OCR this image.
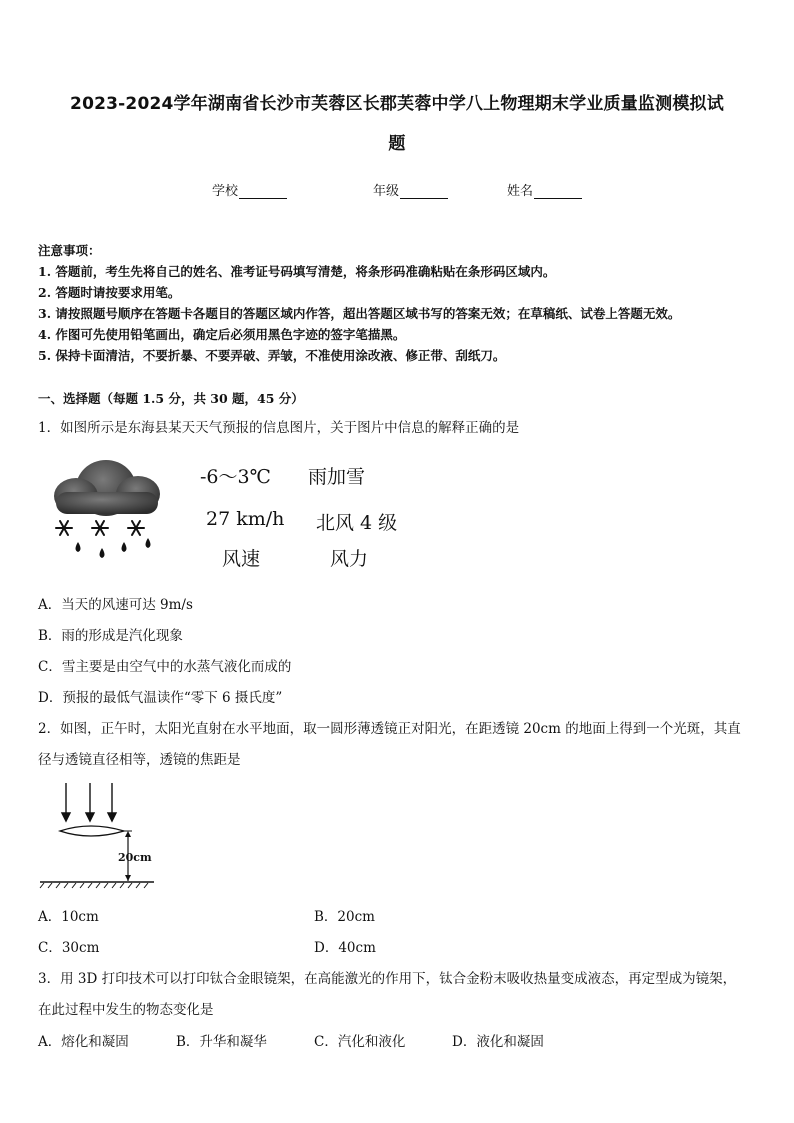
2023-2024学年湖南省长沙市芙蓉区长郡芙蓉中学八上物理期末学业质量监测模拟试
题
学校	年级	姓名
注意事项：
1. 答题前，考生先将自己的姓名、准考证号码填写清楚，将条形码准确粘贴在条形码区域内。
2. 答题时请按要求用笔。
3. 请按照题号顺序在答题卡各题目的答题区域内作答，超出答题区域书写的答案无效；在草稿纸、试卷上答题无效。
4. 作图可先使用铅笔画出，确定后必须用黑色字迹的签字笔描黑。
5. 保持卡面清洁，不要折暴、不要弄破、弄皱，不准使用涂改液、修正带、刮纸刀。
一、选择题（每题 1.5 分，共 30 题，45 分）
1．如图所示是东海县某天天气预报的信息图片，关于图片中信息的解释正确的是
-6～3℃ 雨加雪
27 km/h 北风 4 级
风速	风力
A．当天的风速可达 9m/s
B．雨的形成是汽化现象
C．雪主要是由空气中的水蒸气液化而成的
D．预报的最低气温读作“零下 6 摄氏度”
2．如图，正午时，太阳光直射在水平地面，取一圆形薄透镜正对阳光，在距透镜 20cm 的地面上得到一个光斑，其直
径与透镜直径相等，透镜的焦距是
20cm
A．10cm	B．20cm
C．30cm	D．40cm
3．用 3D 打印技术可以打印钛合金眼镜架，在高能激光的作用下，钛合金粉末吸收热量变成液态，再定型成为镜架，
在此过程中发生的物态变化是
A．熔化和凝固	B．升华和凝华	C．汽化和液化	D．液化和凝固
